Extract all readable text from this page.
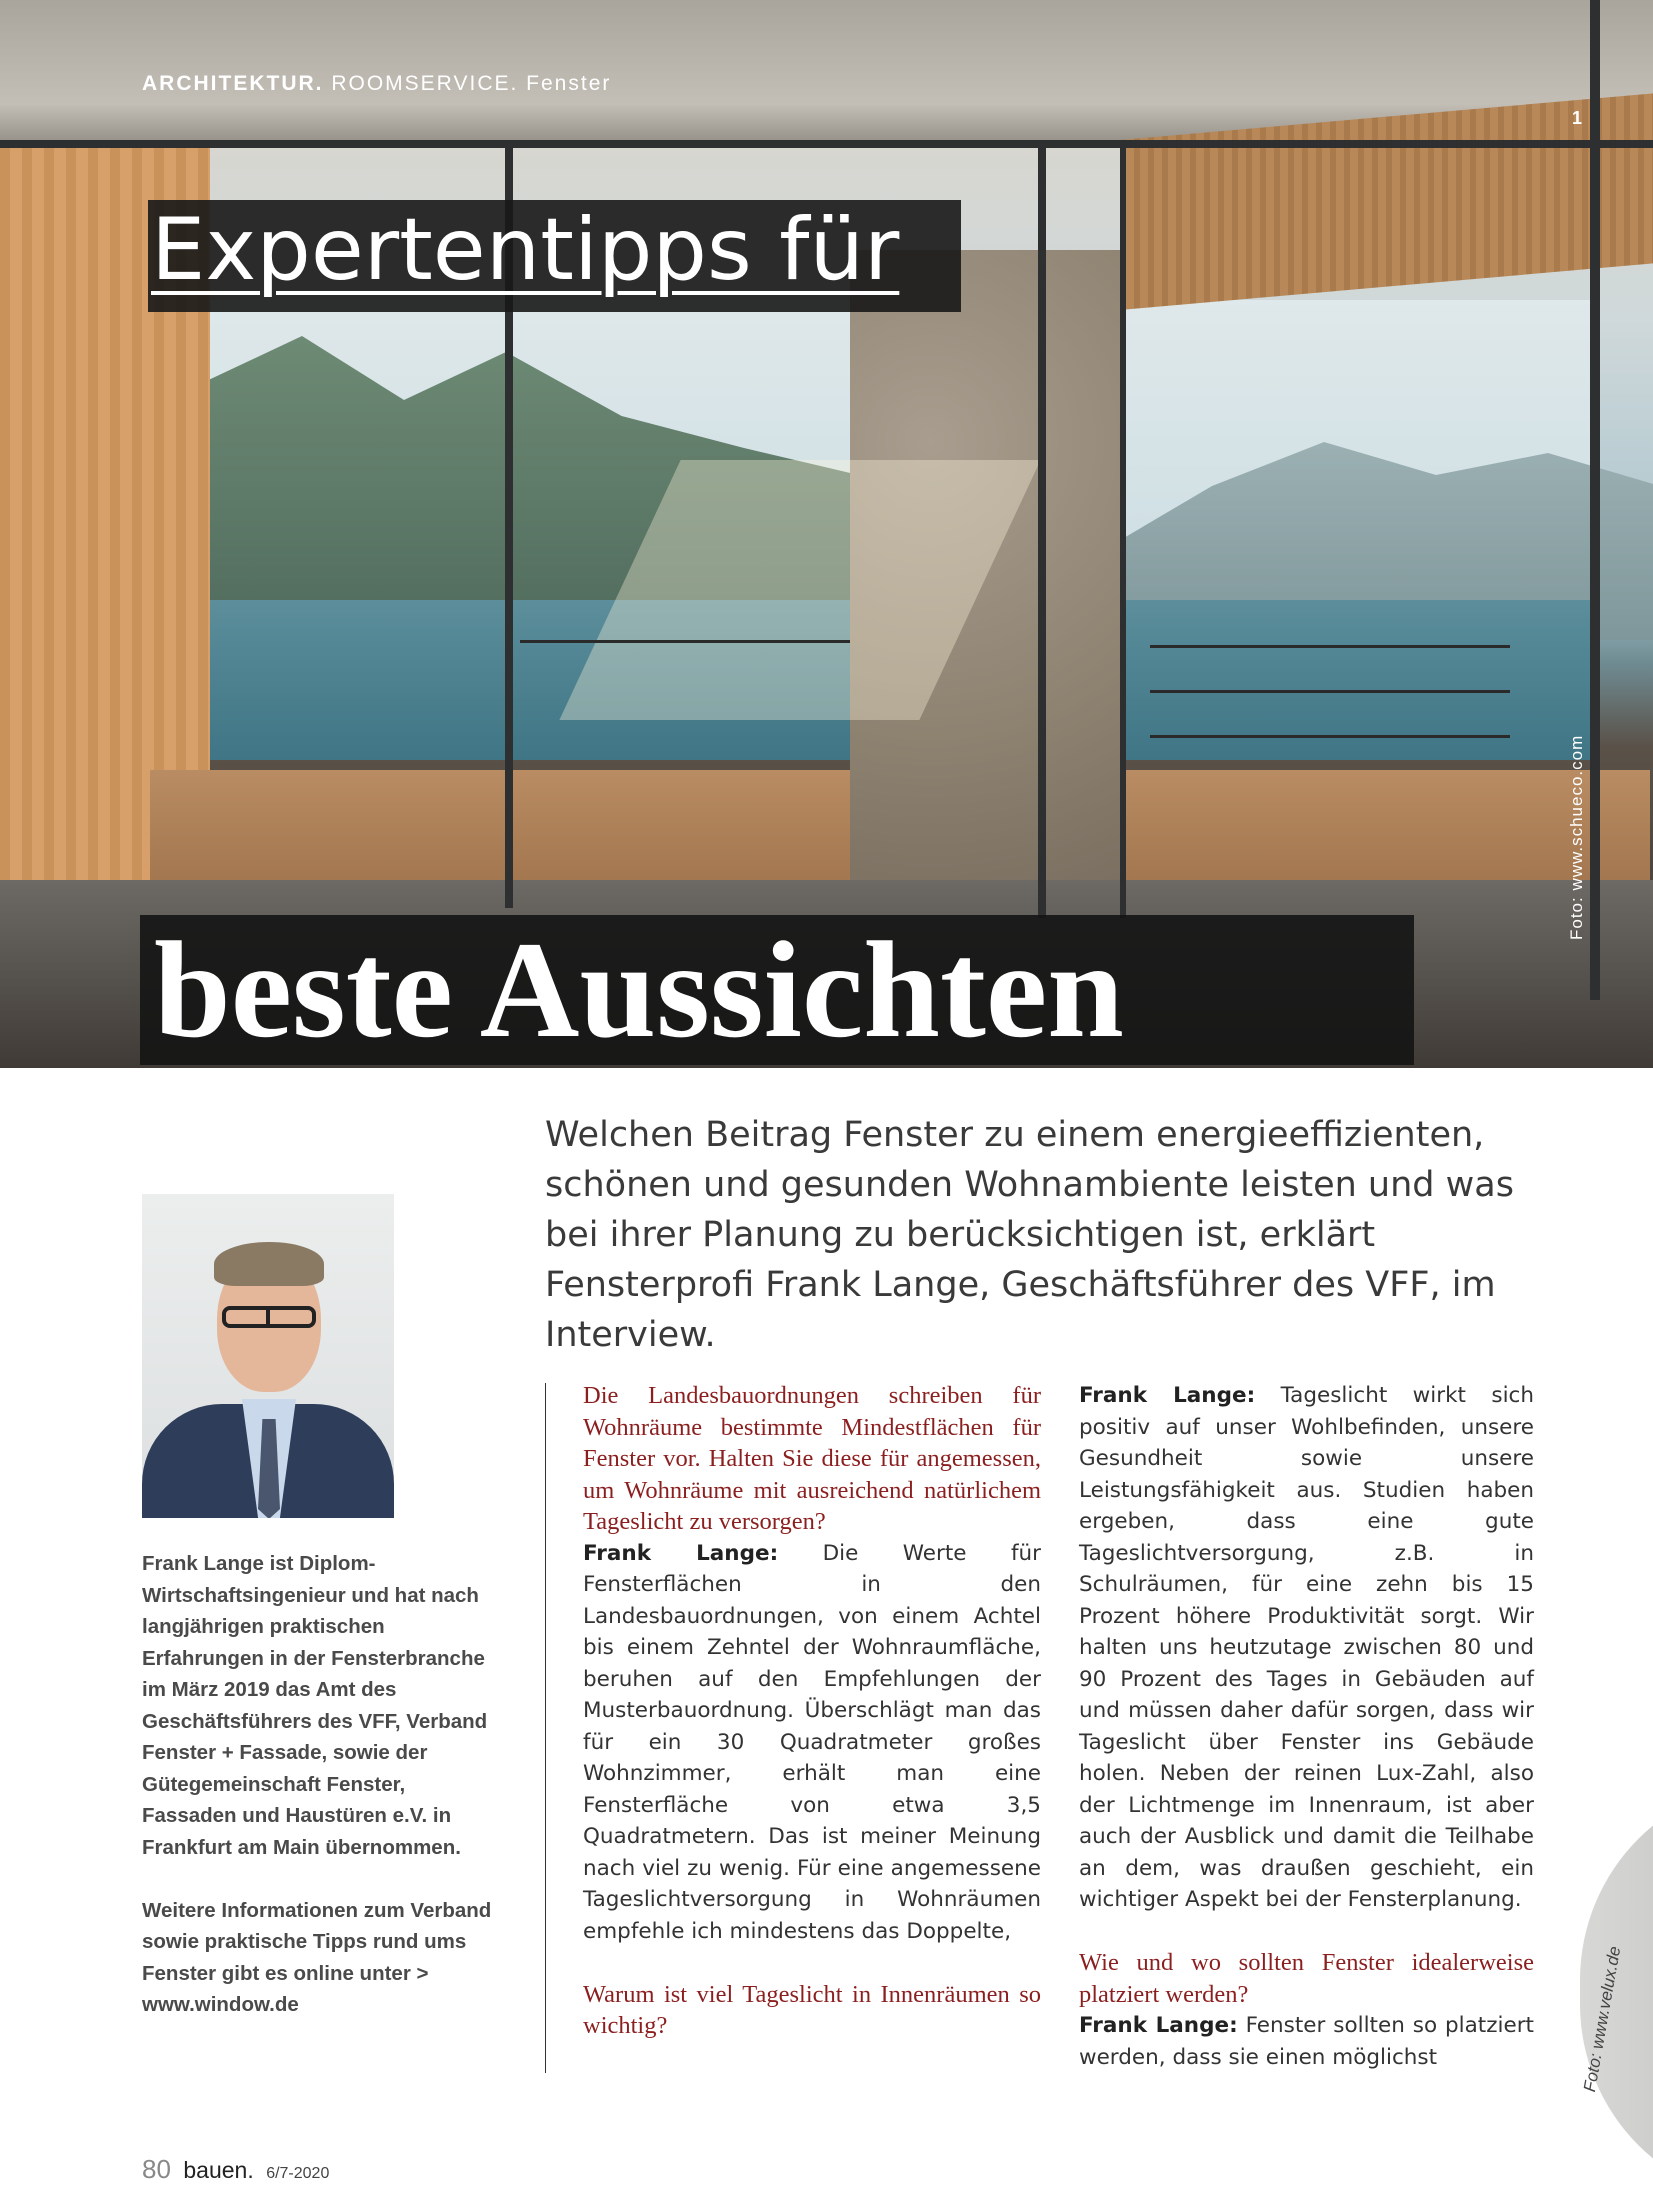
ARCHITEKTUR. ROOMSERVICE. Fenster
1
Foto: www.schueco.com
Expertentipps für
beste Aussichten
Welchen Beitrag Fenster zu einem energieeffizienten, schönen und gesunden Wohnambiente leisten und was bei ihrer Planung zu berücksichtigen ist, erklärt Fensterprofi Frank Lange, Geschäftsführer des VFF, im Interview.

Frank Lange ist Diplom-Wirtschaftsingenieur und hat nach langjährigen praktischen Erfahrungen in der Fensterbranche im März 2019 das Amt des Geschäftsführers des VFF, Verband Fenster + Fassade, sowie der Gütegemeinschaft Fenster, Fassaden und Haustüren e.V. in Frankfurt am Main übernommen.

Weitere Informationen zum Verband sowie praktische Tipps rund ums Fenster gibt es online unter > www.window.de

Die Landesbauordnungen schreiben für Wohnräume bestimmte Mindestflächen für Fenster vor. Halten Sie diese für angemessen, um Wohnräume mit ausreichend natürlichem Tageslicht zu versorgen?

Frank Lange: Die Werte für Fensterflächen in den Landesbauordnungen, von einem Achtel bis einem Zehntel der Wohnraumfläche, beruhen auf den Empfehlungen der Musterbauordnung. Überschlägt man das für ein 30 Quadratmeter großes Wohnzimmer, erhält man eine Fensterfläche von etwa 3,5 Quadratmetern. Das ist meiner Meinung nach viel zu wenig. Für eine angemessene Tageslichtversorgung in Wohnräumen empfehle ich mindestens das Doppelte,

Warum ist viel Tageslicht in Innenräumen so wichtig?

Frank Lange: Tageslicht wirkt sich positiv auf unser Wohlbefinden, unsere Gesundheit sowie unsere Leistungsfähigkeit aus. Studien haben ergeben, dass eine gute Tageslichtversorgung, z.B. in Schulräumen, für eine zehn bis 15 Prozent höhere Produktivität sorgt. Wir halten uns heutzutage zwischen 80 und 90 Prozent des Tages in Gebäuden auf und müssen daher dafür sorgen, dass wir Tageslicht über Fenster ins Gebäude holen. Neben der reinen Lux-Zahl, also der Lichtmenge im Innenraum, ist aber auch der Ausblick und damit die Teilhabe an dem, was draußen geschieht, ein wichtiger Aspekt bei der Fensterplanung.

Wie und wo sollten Fenster idealerweise platziert werden?

Frank Lange: Fenster sollten so platziert werden, dass sie einen möglichst	Foto: www.velux.de
80 bauen. 6/7-2020
